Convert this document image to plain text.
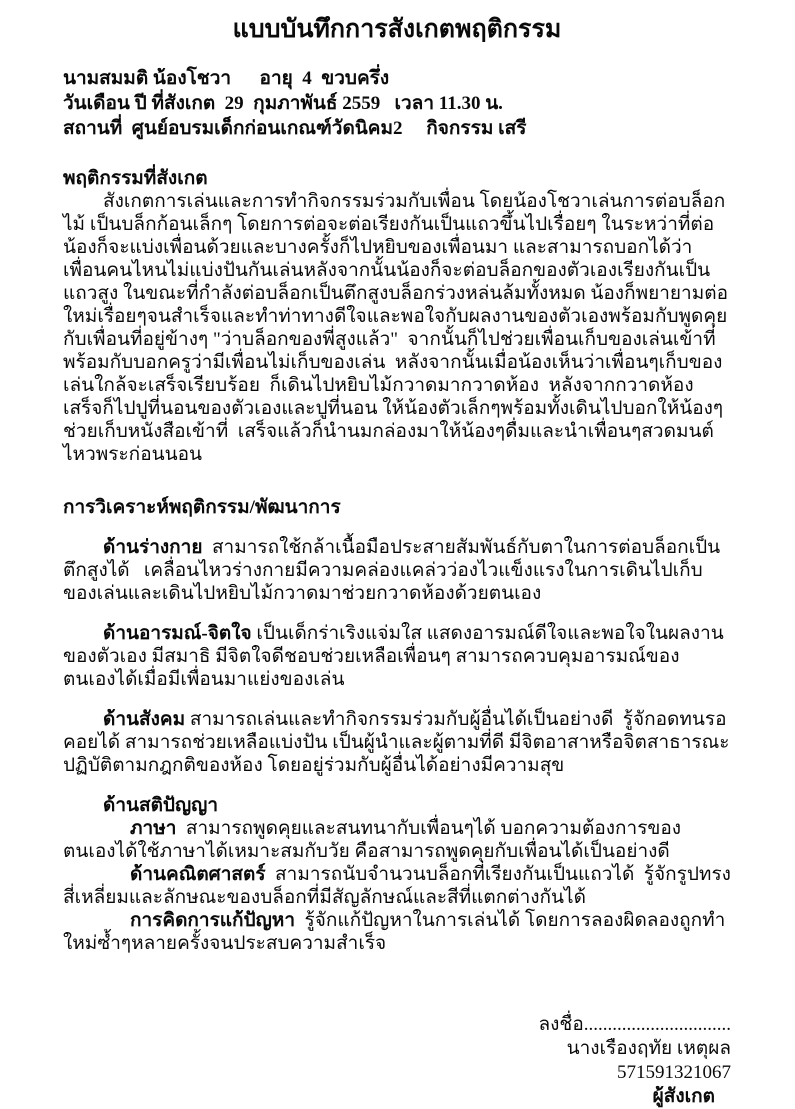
แบบบันทึกการสังเกตพฤติกรรม
นามสมมติ น้องโชวา      อายุ  4  ขวบครึ่ง
วันเดือน ปี ที่สังเกต  29  กุมภาพันธ์ 2559   เวลา 11.30 น.
สถานที่  ศูนย์อบรมเด็กก่อนเกณฑ์วัดนิคม2     กิจกรรม เสรี
พฤติกรรมที่สังเกต

สังเกตการเล่นและการทำกิจกรรมร่วมกับเพื่อน โดยน้องโชวาเล่นการต่อบล็อกไม้ เป็นบล็กก้อนเล็กๆ โดยการต่อจะต่อเรียงกันเป็นแถวขึ้นไปเรื่อยๆ ในระหว่าที่ต่อน้องก็จะแบ่งเพื่อนด้วยและบางครั้งก็ไปหยิบของเพื่อนมา และสามารถบอกได้ว่าเพื่อนคนไหนไม่แบ่งปันกันเล่นหลังจากนั้นน้องก็จะต่อบล็อกของตัวเองเรียงกันเป็นแถวสูง ในขณะที่กำลังต่อบล็อกเป็นตึกสูงบล็อกร่วงหล่นล้มทั้งหมด น้องก็พยายามต่อใหม่เรื่อยๆจนสำเร็จและทำท่าทางดีใจและพอใจกับผลงานของตัวเองพร้อมกับพูดคุยกับเพื่อนที่อยู่ข้างๆ "ว่าบล็อกของพี่สูงแล้ว"  จากนั้นก็ไปช่วยเพื่อนเก็บของเล่นเข้าที่ พร้อมกับบอกครูว่ามีเพื่อนไม่เก็บของเล่น  หลังจากนั้นเมื่อน้องเห็นว่าเพื่อนๆเก็บของเล่นใกล้จะเสร็จเรียบร้อย  ก็เดินไปหยิบไม้กวาดมากวาดห้อง  หลังจากกวาดห้องเสร็จก็ไปปูที่นอนของตัวเองและปูที่นอน ให้น้องตัวเล็กๆพร้อมทั้งเดินไปบอกให้น้องๆช่วยเก็บหนังสือเข้าที่  เสร็จแล้วก็นำนมกล่องมาให้น้องๆดื่มและนำเพื่อนๆสวดมนต์ไหวพระก่อนนอน

การวิเคราะห์พฤติกรรม/พัฒนาการ

ด้านร่างกาย  สามารถใช้กล้าเนื้อมือประสายสัมพันธ์กับตาในการต่อบล็อกเป็นตึกสูงได้   เคลื่อนไหวร่างกายมีความคล่องแคล่วว่องไวแข็งแรงในการเดินไปเก็บของเล่นและเดินไปหยิบไม้กวาดมาช่วยกวาดห้องด้วยตนเอง

ด้านอารมณ์-จิตใจ เป็นเด็กร่าเริงแจ่มใส แสดงอารมณ์ดีใจและพอใจในผลงานของตัวเอง มีสมาธิ มีจิตใจดีชอบช่วยเหลือเพื่อนๆ สามารถควบคุมอารมณ์ของตนเองได้เมื่อมีเพื่อนมาแย่งของเล่น

ด้านสังคม สามารถเล่นและทำกิจกรรมร่วมกับผู้อื่นได้เป็นอย่างดี  รู้จักอดทนรอคอยได้ สามารถช่วยเหลือแบ่งปัน เป็นผู้นำและผู้ตามที่ดี มีจิตอาสาหรือจิตสาธารณะ ปฏิบัติตามกฎกติของห้อง โดยอยู่ร่วมกับผู้อื่นได้อย่างมีความสุข

ด้านสติปัญญา

ภาษา  สามารถพูดคุยและสนทนากับเพื่อนๆได้ บอกความต้องการของตนเองได้ใช้ภาษาได้เหมาะสมกับวัย คือสามารถพูดคุยกับเพื่อนได้เป็นอย่างดี

ด้านคณิตศาสตร์  สามารถนับจำนวนบล็อกที่เรียงกันเป็นแถวได้  รู้จักรูปทรงสี่เหลี่ยมและลักษณะของบล็อกที่มีสัญลักษณ์และสีที่แตกต่างกันได้

การคิดการแก้ปัญหา  รู้จักแก้ปัญหาในการเล่นได้ โดยการลองผิดลองถูกทำใหม่ซ้ำๆหลายครั้งจนประสบความสำเร็จ

ลงชื่อ...............................
นางเรืองฤทัย เหตุผล
571591321067
ผู้สังเกต
